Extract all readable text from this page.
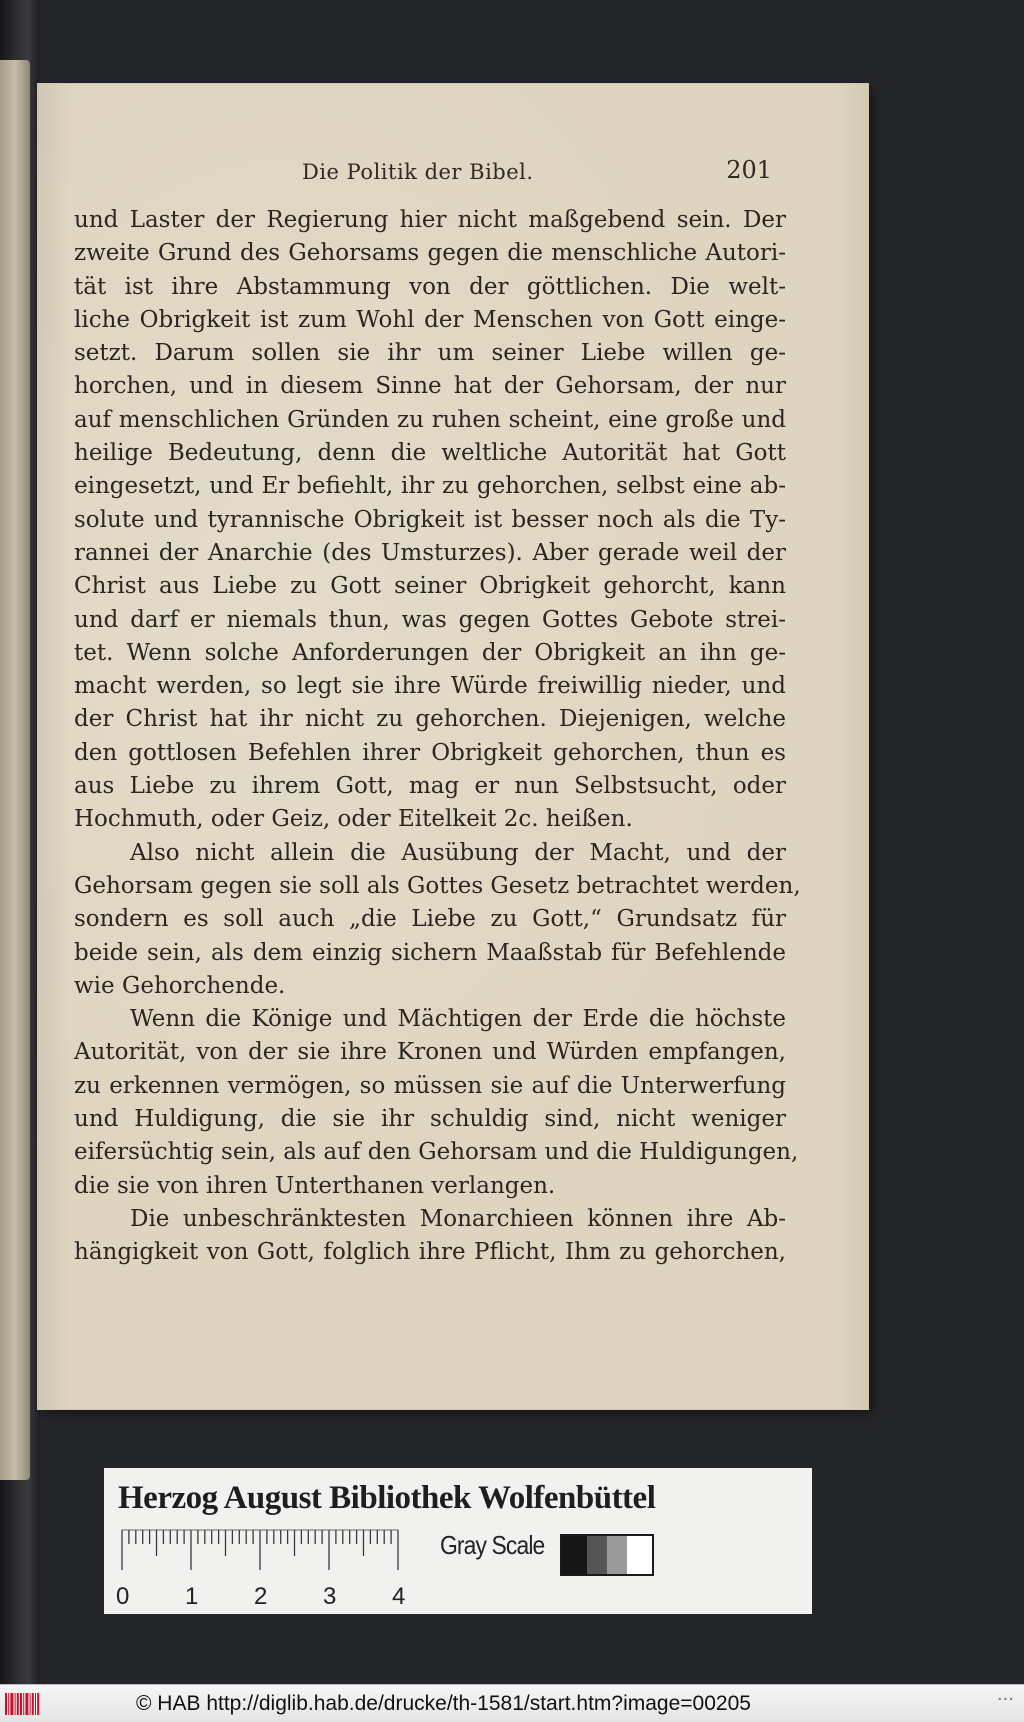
Die Politik der Bibel.	201
und Laster der Regierung hier nicht maßgebend sein. Der
zweite Grund des Gehorsams gegen die menschliche Autori-
tät ist ihre Abstammung von der göttlichen. Die welt-
liche Obrigkeit ist zum Wohl der Menschen von Gott einge-
setzt. Darum sollen sie ihr um seiner Liebe willen ge-
horchen, und in diesem Sinne hat der Gehorsam, der nur
auf menschlichen Gründen zu ruhen scheint, eine große und
heilige Bedeutung, denn die weltliche Autorität hat Gott
eingesetzt, und Er befiehlt, ihr zu gehorchen, selbst eine ab-
solute und tyrannische Obrigkeit ist besser noch als die Ty-
rannei der Anarchie (des Umsturzes). Aber gerade weil der
Christ aus Liebe zu Gott seiner Obrigkeit gehorcht, kann
und darf er niemals thun, was gegen Gottes Gebote strei-
tet. Wenn solche Anforderungen der Obrigkeit an ihn ge-
macht werden, so legt sie ihre Würde freiwillig nieder, und
der Christ hat ihr nicht zu gehorchen. Diejenigen, welche
den gottlosen Befehlen ihrer Obrigkeit gehorchen, thun es
aus Liebe zu ihrem Gott, mag er nun Selbstsucht, oder
Hochmuth, oder Geiz, oder Eitelkeit 2c. heißen.
Also nicht allein die Ausübung der Macht, und der
Gehorsam gegen sie soll als Gottes Gesetz betrachtet werden,
sondern es soll auch „die Liebe zu Gott,“ Grundsatz für
beide sein, als dem einzig sichern Maaßstab für Befehlende
wie Gehorchende.
Wenn die Könige und Mächtigen der Erde die höchste
Autorität, von der sie ihre Kronen und Würden empfangen,
zu erkennen vermögen, so müssen sie auf die Unterwerfung
und Huldigung, die sie ihr schuldig sind, nicht weniger
eifersüchtig sein, als auf den Gehorsam und die Huldigungen,
die sie von ihren Unterthanen verlangen.
Die unbeschränktesten Monarchieen können ihre Ab-
hängigkeit von Gott, folglich ihre Pflicht, Ihm zu gehorchen,
Herzog August Bibliothek Wolfenbüttel
0 1 2 3 4
Gray Scale
© HAB http://diglib.hab.de/drucke/th-1581/start.htm?image=00205	···
